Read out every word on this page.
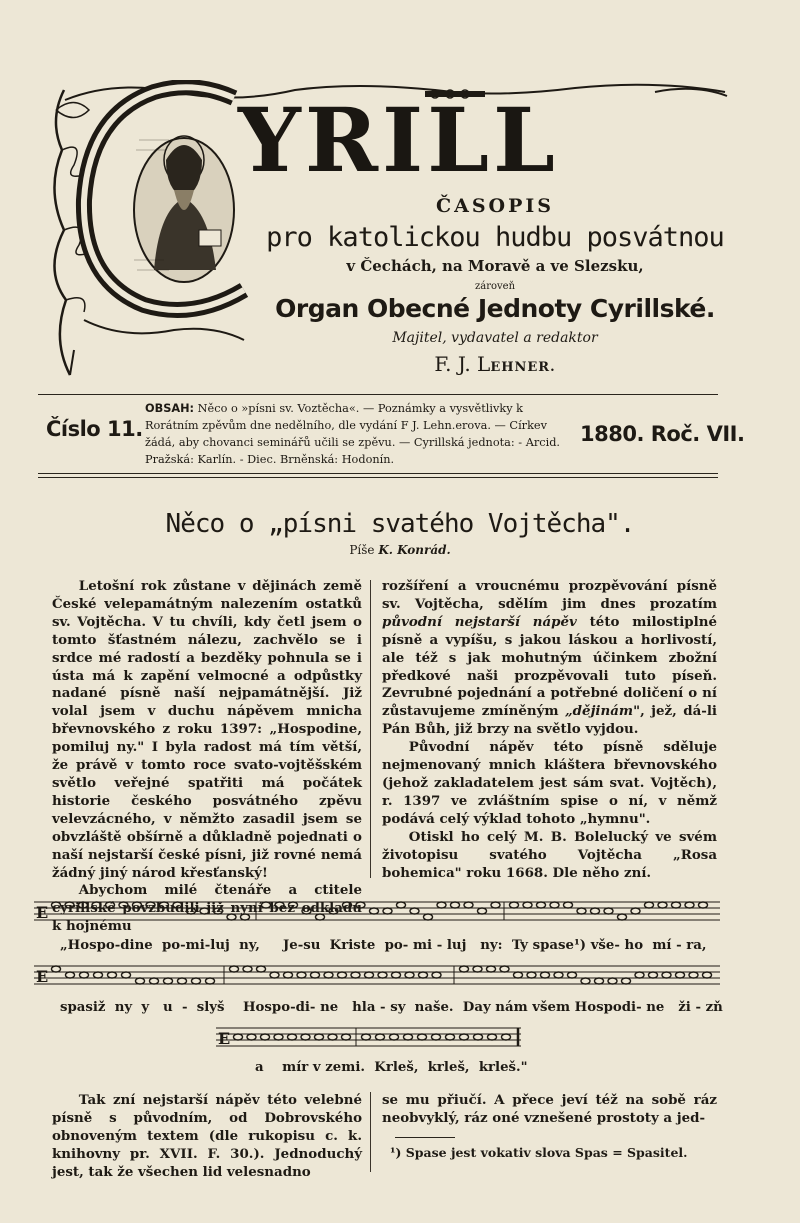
YRILL
ČASOPIS
pro katolickou hudbu posvátnou
v Čechách, na Moravě a ve Slezsku,
zároveň
Organ Obecné Jednoty Cyrillské.
Majitel, vydavatel a redaktor
F. J. LEHNER.
Číslo 11.
OBSAH: Něco o »písni sv. Voztěcha«. — Poznámky a vysvětlivky k Rorátním zpěvům dne nedělního, dle vydání F J. Lehn.erova. — Církev žádá, aby chovanci seminářů učili se zpěvu. — Cyrillská jednota: - Arcid. Pražská: Karlín. - Diec. Brněnská: Hodonín.
1880. Roč. VII.
Něco o „písni svatého Vojtěcha".
Píše K. Konrád.

Letošní rok zůstane v dějinách země České velepamátným nalezením ostatků sv. Vojtěcha. V tu chvíli, kdy četl jsem o tomto šťastném nálezu, zachvělo se i srdce mé radostí a bezděky pohnula se i ústa má k zapění velmocné a odpůstky nadané písně naší nejpamátnější. Již volal jsem v duchu nápěvem mnicha břevnovského z roku 1397: „Hospodine, pomiluj ny." I byla radost má tím větší, že právě v tomto roce svato-vojtěšském světlo veřejné spatřiti má počátek historie českého posvátného zpěvu velevzácného, v němžto zasadil jsem se obvzláště obšírně a důkladně pojednati o naší nejstarší české písni, již rovné nemá žádný jiný národ křesťanský!

Abychom milé čtenáře a ctitele cyrillské povzbudili již nyní bez odkladu k hojnému

rozšíření a vroucnému prozpěvování písně sv. Vojtěcha, sdělím jim dnes prozatím původní nejstarší nápěv této milostiplné písně a vypíšu, s jakou láskou a horlivostí, ale též s jak mohutným účinkem zbožní předkové naši prozpěvovali tuto píseň. Zevrubné pojednání a potřebné doličení o ní zůstavujeme zmíněným „dějinám", jež, dá-li Pán Bůh, již brzy na světlo vyjdou.

Původní nápěv této písně sděluje nejmenovaný mnich kláštera břevnovského (jehož zakladatelem jest sám svat. Vojtěch), r. 1397 ve zvláštním spise o ní, v němž podává celý výklad tohoto „hymnu".

Otiskl ho celý M. B. Bolelucký ve svém životopisu svatého Vojtěcha „Rosa bohemica" roku 1668. Dle něho zní.

E
„Hospo-dine  po-mi-luj  ny,     Je-su  Kriste  po- mi - luj   ny:  Ty spase¹) vše- ho  mí - ra,
E
spasiž  ny  y   u  -  slyš    Hospo-di- ne   hla - sy  naše.  Day nám všem Hospodi- ne   ži - zň
E
a    mír v zemi.  Krleš,  krleš,  krleš."

Tak zní nejstarší nápěv této velebné písně s původním, od Dobrovského obnoveným textem (dle rukopisu c. k. knihovny pr. XVII. F. 30.). Jednoduchý jest, tak že všechen lid velesnadno

se mu přiučí. A přece jeví též na sobě ráz neobvyklý, ráz oné vznešené prostoty a jed-

¹) Spase jest vokativ slova Spas = Spasitel.
